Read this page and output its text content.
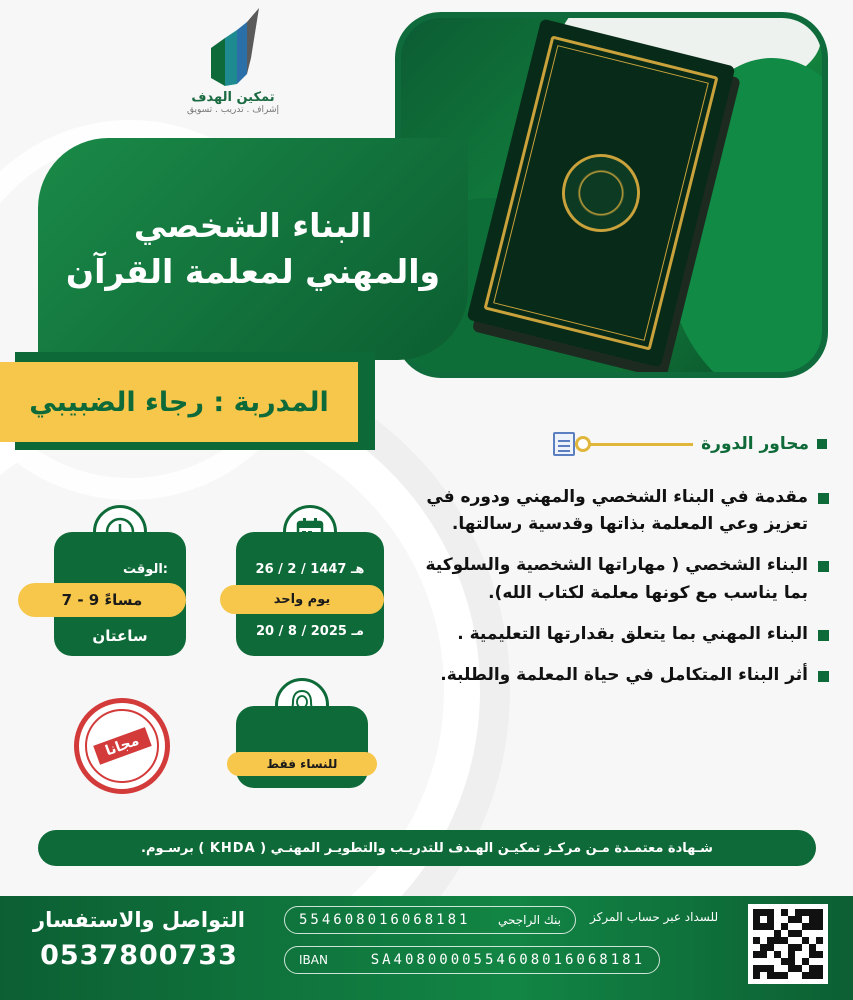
تمكين الهدف
إشراف . تدريب . تسويق
البناء الشخصي
والمهني لمعلمة القرآن
المدربة : رجاء الضبيبي
محاور الدورة
مقدمة في البناء الشخصي والمهني ودوره في تعزيز وعي المعلمة بذاتها وقدسية رسالتها.
البناء الشخصي ( مهاراتها الشخصية والسلوكية بما يناسب مع كونها معلمة لكتاب الله).
البناء المهني بما يتعلق بقدارتها التعليمية .
أثر البناء المتكامل في حياة المعلمة والطلبة.
26 / 2 / 1447 هـ
يوم واحد
20 / 8 / 2025 مـ
الوقت:
7 - 9 مساءً
ساعتان
للنساء فقط
مجانا
شـهادة معتمـدة مـن مركـز تمكيـن الهـدف للتدريـب والتطويـر المهنـي ( KHDA ) برسـوم.
التواصل والاستفسار
0537800733
554608016068181 بنك الراجحي للسداد عبر حساب المركز
IBAN	SA4080000554608016068181
